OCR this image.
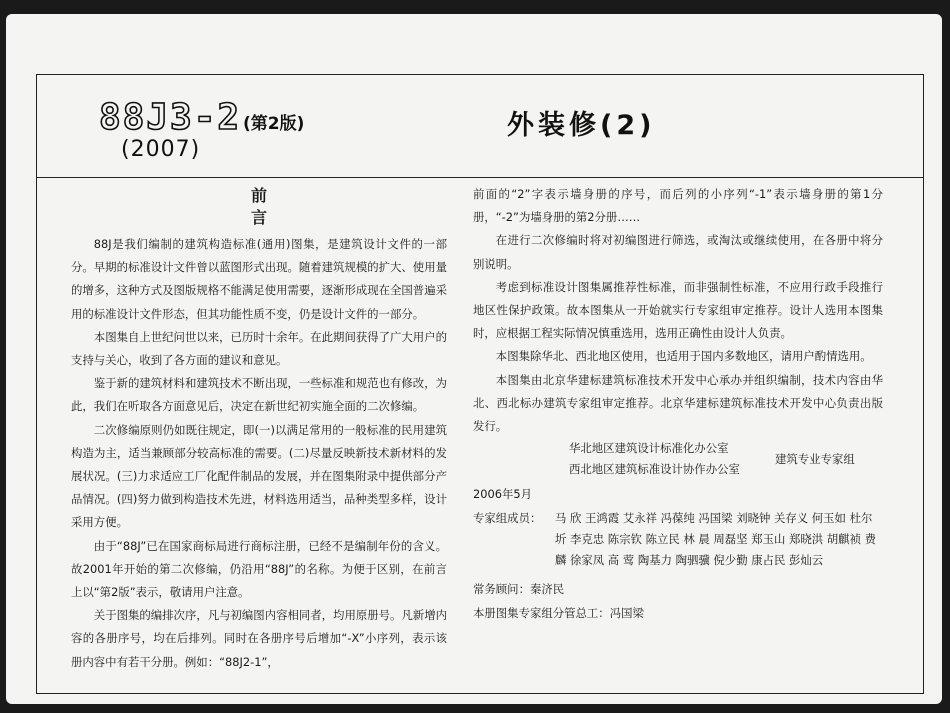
88J3-2 (第2版)
(2007)
外装修(2)
前言

88J是我们编制的建筑构造标准(通用)图集，是建筑设计文件的一部分。早期的标准设计文件曾以蓝图形式出现。随着建筑规模的扩大、使用量的增多，这种方式及图版规格不能满足使用需要，逐渐形成现在全国普遍采用的标准设计文件形态，但其功能性质不变，仍是设计文件的一部分。

本图集自上世纪问世以来，已历时十余年。在此期间获得了广大用户的支持与关心，收到了各方面的建议和意见。

鉴于新的建筑材料和建筑技术不断出现，一些标准和规范也有修改，为此，我们在听取各方面意见后，决定在新世纪初实施全面的二次修编。

二次修编原则仍如既往规定，即(一)以满足常用的一般标准的民用建筑构造为主，适当兼顾部分较高标准的需要。(二)尽量反映新技术新材料的发展状况。(三)力求适应工厂化配件制品的发展，并在图集附录中提供部分产品情况。(四)努力做到构造技术先进，材料选用适当，品种类型多样，设计采用方便。

由于“88J”已在国家商标局进行商标注册，已经不是编制年份的含义。故2001年开始的第二次修编，仍沿用“88J”的名称。为便于区别，在前言上以“第2版”表示，敬请用户注意。

关于图集的编排次序，凡与初编图内容相同者，均用原册号。凡新增内容的各册序号，均在后排列。同时在各册序号后增加“-X”小序列，表示该册内容中有若干分册。例如：“88J2-1”，

前面的“2”字表示墙身册的序号，而后列的小序列“-1”表示墙身册的第1分册，“-2”为墙身册的第2分册……

在进行二次修编时将对初编图进行筛选，或淘汰或继续使用，在各册中将分别说明。

考虑到标准设计图集属推荐性标准，而非强制性标准，不应用行政手段推行地区性保护政策。故本图集从一开始就实行专家组审定推荐。设计人选用本图集时，应根据工程实际情况慎重选用，选用正确性由设计人负责。

本图集除华北、西北地区使用，也适用于国内多数地区，请用户酌情选用。

本图集由北京华建标建筑标准技术开发中心承办并组织编制，技术内容由华北、西北标办建筑专家组审定推荐。北京华建标建筑标准技术开发中心负责出版发行。

华北地区建筑设计标准化办公室
西北地区建筑标准设计协作办公室
建筑专业专家组

2006年5月

专家组成员：	马 欣 王鸿霞 艾永祥 冯葆纯 冯国梁 刘晓钟 关存义 何玉如 杜尔圻 李克忠 陈宗钦 陈立民 林 晨 周磊坚 郑玉山 郑晓洪 胡麒祯 费 麟 徐家凤 高 莺 陶基力 陶驷骥 倪少勤 康占民 彭灿云

常务顾问：秦济民

本册图集专家组分管总工：冯国梁
